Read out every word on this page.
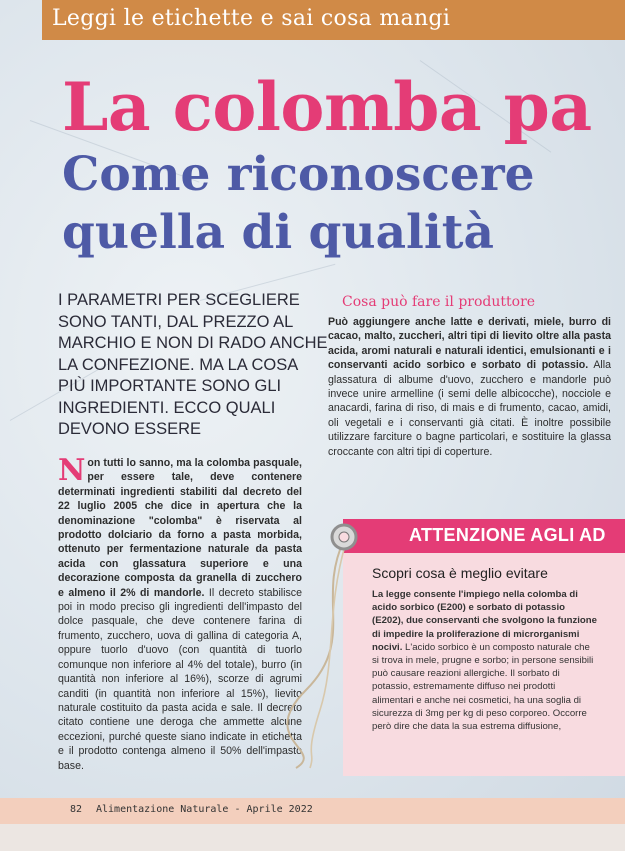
Leggi le etichette e sai cosa mangi
La colomba pa
Come riconoscere quella di qualità
I PARAMETRI PER SCEGLIERE SONO TANTI, DAL PREZZO AL MARCHIO E NON DI RADO ANCHE LA CONFEZIONE. MA LA COSA PIÙ IMPORTANTE SONO GLI INGREDIENTI. ECCO QUALI DEVONO ESSERE
Non tutti lo sanno, ma la colomba pasquale, per essere tale, deve contenere determinati ingredienti stabiliti dal decreto del 22 luglio 2005 che dice in apertura che la denominazione "colomba" è riservata al prodotto dolciario da forno a pasta morbida, ottenuto per fermentazione naturale da pasta acida con glassatura superiore e una decorazione composta da granella di zucchero e almeno il 2% di mandorle. Il decreto stabilisce poi in modo preciso gli ingredienti dell'impasto del dolce pasquale, che deve contenere farina di frumento, zucchero, uova di gallina di categoria A, oppure tuorlo d'uovo (con quantità di tuorlo comunque non inferiore al 4% del totale), burro (in quantità non inferiore al 16%), scorze di agrumi canditi (in quantità non inferiore al 15%), lievito naturale costituito da pasta acida e sale. Il decreto citato contiene une deroga che ammette alcune eccezioni, purché queste siano indicate in etichetta e il prodotto contenga almeno il 50% dell'impasto base.
Cosa può fare il produttore
Può aggiungere anche latte e derivati, miele, burro di cacao, malto, zuccheri, altri tipi di lievito oltre alla pasta acida, aromi naturali e naturali identici, emulsionanti e i conservanti acido sorbico e sorbato di potassio. Alla glassatura di albume d'uovo, zucchero e mandorle può invece unire armelline (i semi delle albicocche), nocciole e anacardi, farina di riso, di mais e di frumento, cacao, amidi, oli vegetali e i conservanti già citati. È inoltre possibile utilizzare farciture o bagne particolari, e sostituire la glassa croccante con altri tipi di coperture.
ATTENZIONE AGLI AD
Scopri cosa è meglio evitare
La legge consente l'impiego nella colomba di acido sorbico (E200) e sorbato di potassio (E202), due conservanti che svolgono la funzione di impedire la proliferazione di microrganismi nocivi. L'acido sorbico è un composto naturale che si trova in mele, prugne e sorbo; in persone sensibili può causare reazioni allergiche. Il sorbato di potassio, estremamente diffuso nei prodotti alimentari e anche nei cosmetici, ha una soglia di sicurezza di 3mg per kg di peso corporeo. Occorre però dire che data la sua estrema diffusione,
82 Alimentazione Naturale - Aprile 2022
